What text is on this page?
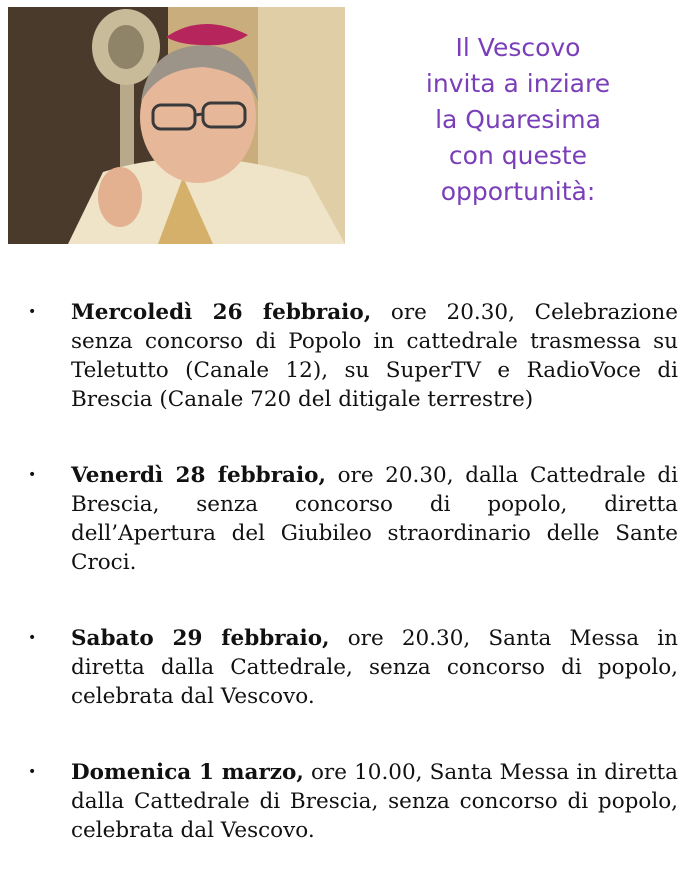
Il Vescovo
invita a inziare
la Quaresima
con queste
opportunità:
• Mercoledì 26 febbraio, ore 20.30, Celebrazione senza concorso di Popolo in cattedrale trasmessa su Teletutto (Canale 12), su SuperTV e RadioVoce di Brescia (Canale 720 del ditigale terrestre)
• Venerdì 28 febbraio, ore 20.30, dalla Cattedrale di Brescia, senza concorso di popolo, diretta dell’Apertura del Giubileo straordinario delle Sante Croci.
• Sabato 29 febbraio, ore 20.30, Santa Messa in diretta dalla Cattedrale, senza concorso di popolo, celebrata dal Vescovo.
• Domenica 1 marzo, ore 10.00, Santa Messa in diretta dalla Cattedrale di Brescia, senza concorso di popolo, celebrata dal Vescovo.
